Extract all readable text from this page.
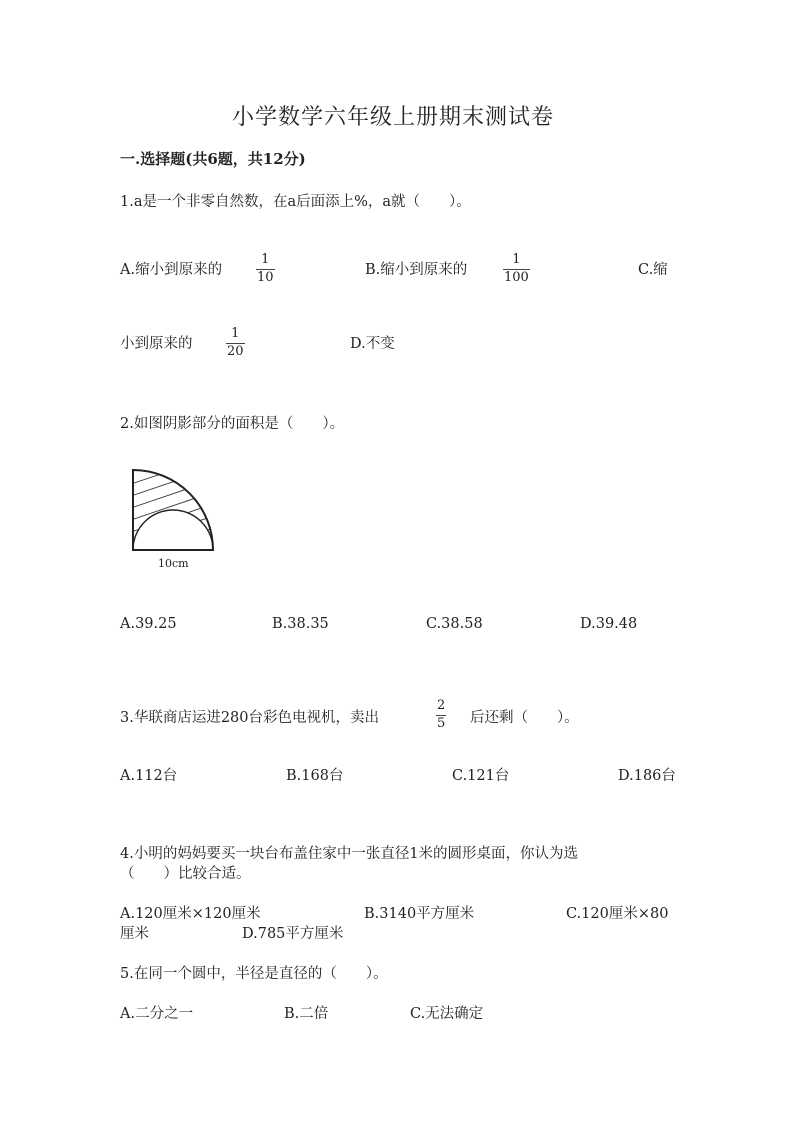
小学数学六年级上册期末测试卷
一.选择题(共6题，共12分)
1.a是一个非零自然数，在a后面添上%，a就（　　）。
A.缩小到原来的
1
10	B.缩小到原来的
1
100	C.缩
小到原来的
1
20	D.不变
2.如图阴影部分的面积是（　　）。
10cm
A.39.25	B.38.35	C.38.58	D.39.48
3.华联商店运进280台彩色电视机，卖出
2
5 后还剩（　　）。
A.112台	B.168台	C.121台	D.186台
4.小明的妈妈要买一块台布盖住家中一张直径1米的圆形桌面，你认为选
（　　）比较合适。
A.120厘米×120厘米	B.3140平方厘米	C.120厘米×80
厘米	D.785平方厘米
5.在同一个圆中，半径是直径的（　　）。
A.二分之一	B.二倍	C.无法确定
